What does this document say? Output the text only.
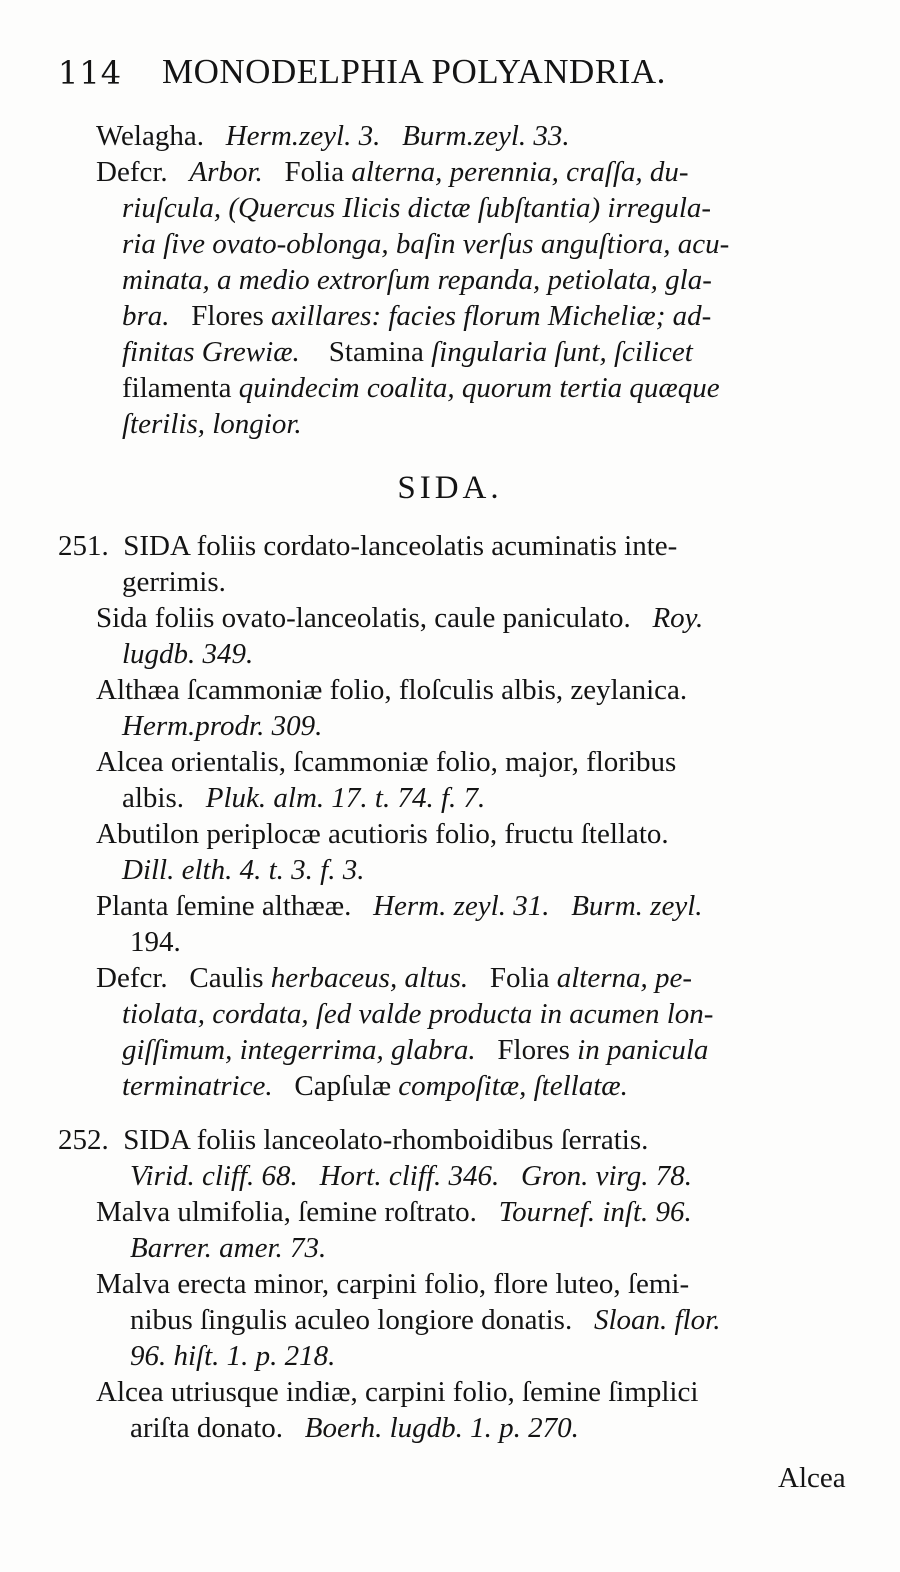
114 MONODELPHIA POLYANDRIA.
Welagha. Herm.zeyl. 3. Burm.zeyl. 33.
Defcr. Arbor. Folia alterna, perennia, craſſa, du-
riuſcula, (Quercus Ilicis dictæ ſubſtantia) irregula-
ria ſive ovato-oblonga, baſin verſus anguſtiora, acu-
minata, a medio extrorſum repanda, petiolata, gla-
bra. Flores axillares: facies florum Micheliæ; ad-
finitas Grewiæ. Stamina ſingularia ſunt, ſcilicet
filamenta quindecim coalita, quorum tertia quæque
ſterilis, longior.
SIDA.
251. SIDA foliis cordato-lanceolatis acuminatis inte-
gerrimis.
Sida foliis ovato-lanceolatis, caule paniculato. Roy.
lugdb. 349.
Althæa ſcammoniæ folio, floſculis albis, zeylanica.
Herm.prodr. 309.
Alcea orientalis, ſcammoniæ folio, major, floribus
albis. Pluk. alm. 17. t. 74. f. 7.
Abutilon periplocæ acutioris folio, fructu ſtellato.
Dill. elth. 4. t. 3. f. 3.
Planta ſemine althææ. Herm. zeyl. 31. Burm. zeyl.
194.
Defcr. Caulis herbaceus, altus. Folia alterna, pe-
tiolata, cordata, ſed valde producta in acumen lon-
giſſimum, integerrima, glabra. Flores in panicula
terminatrice. Capſulæ compoſitæ, ſtellatæ.
252. SIDA foliis lanceolato-rhomboidibus ſerratis.
Virid. cliff. 68. Hort. cliff. 346. Gron. virg. 78.
Malva ulmifolia, ſemine roſtrato. Tournef. inſt. 96.
Barrer. amer. 73.
Malva erecta minor, carpini folio, flore luteo, ſemi-
nibus ſingulis aculeo longiore donatis. Sloan. flor.
96. hiſt. 1. p. 218.
Alcea utriusque indiæ, carpini folio, ſemine ſimplici
ariſta donato. Boerh. lugdb. 1. p. 270.
Alcea
